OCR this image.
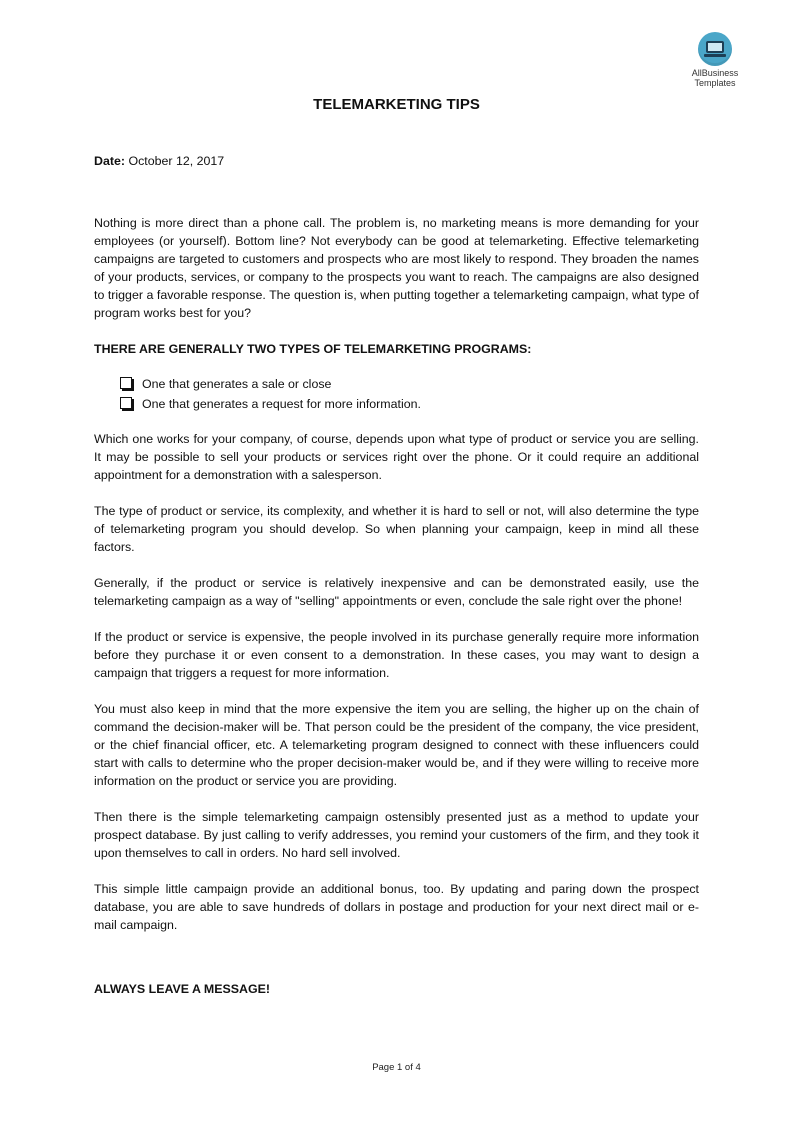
AllBusiness
Templates
TELEMARKETING TIPS
Date: October 12, 2017

Nothing is more direct than a phone call. The problem is, no marketing means is more demanding for your employees (or yourself). Bottom line? Not everybody can be good at telemarketing. Effective telemarketing campaigns are targeted to customers and prospects who are most likely to respond. They broaden the names of your products, services, or company to the prospects you want to reach. The campaigns are also designed to trigger a favorable response. The question is, when putting together a telemarketing campaign, what type of program works best for you?

THERE ARE GENERALLY TWO TYPES OF TELEMARKETING PROGRAMS:
One that generates a sale or close
One that generates a request for more information.

Which one works for your company, of course, depends upon what type of product or service you are selling. It may be possible to sell your products or services right over the phone. Or it could require an additional appointment for a demonstration with a salesperson.

The type of product or service, its complexity, and whether it is hard to sell or not, will also determine the type of telemarketing program you should develop. So when planning your campaign, keep in mind all these factors.

Generally, if the product or service is relatively inexpensive and can be demonstrated easily, use the telemarketing campaign as a way of "selling" appointments or even, conclude the sale right over the phone!

If the product or service is expensive, the people involved in its purchase generally require more information before they purchase it or even consent to a demonstration. In these cases, you may want to design a campaign that triggers a request for more information.

You must also keep in mind that the more expensive the item you are selling, the higher up on the chain of command the decision-maker will be. That person could be the president of the company, the vice president, or the chief financial officer, etc. A telemarketing program designed to connect with these influencers could start with calls to determine who the proper decision-maker would be, and if they were willing to receive more information on the product or service you are providing.

Then there is the simple telemarketing campaign ostensibly presented just as a method to update your prospect database. By just calling to verify addresses, you remind your customers of the firm, and they took it upon themselves to call in orders. No hard sell involved.

This simple little campaign provide an additional bonus, too. By updating and paring down the prospect database, you are able to save hundreds of dollars in postage and production for your next direct mail or e-mail campaign.

ALWAYS LEAVE A MESSAGE!
Page 1 of 4
